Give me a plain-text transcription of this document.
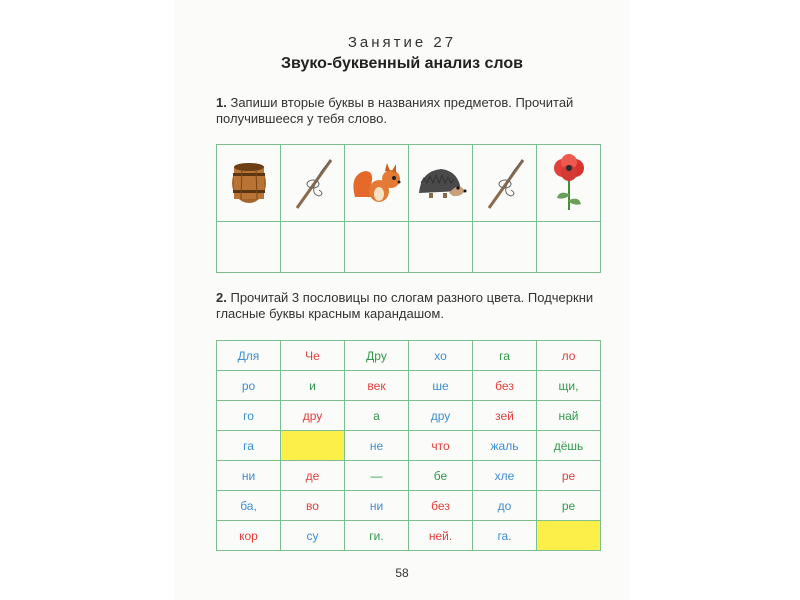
Занятие 27
Звуко-буквенный анализ слов
1. Запиши вторые буквы в названиях предметов. Прочитай получившееся у тебя слово.

2. Прочитай 3 пословицы по слогам разного цвета. Подчеркни гласные буквы красным карандашом.
Для	Че	Дру	хо	га	ло
ро	и	век	ше	без	щи,
го	дру	а	дру	зей	най
га		не	что	жаль	дёшь
ни	де	—	бе	хле	ре
ба,	во	ни	без	до	ре
кор	су	ги.	ней.	га.	
58
